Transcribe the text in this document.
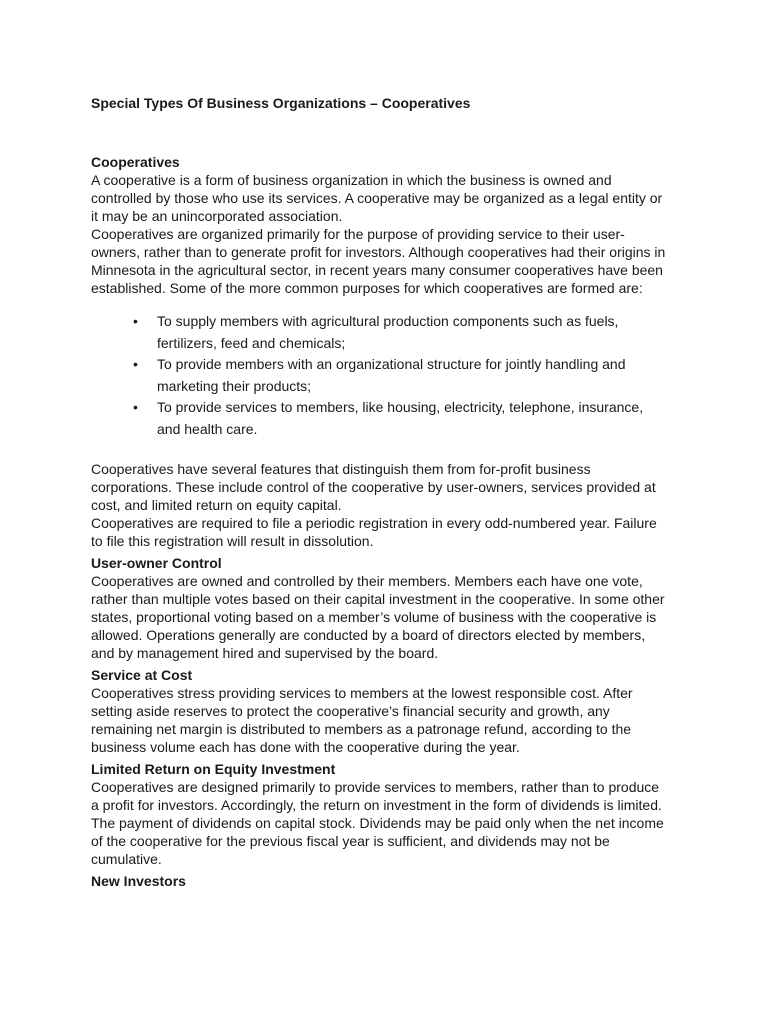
Special Types Of Business Organizations – Cooperatives

Cooperatives

A cooperative is a form of business organization in which the business is owned and controlled by those who use its services. A cooperative may be organized as a legal entity or it may be an unincorporated association.

Cooperatives are organized primarily for the purpose of providing service to their user-owners, rather than to generate profit for investors. Although cooperatives had their origins in Minnesota in the agricultural sector, in recent years many consumer cooperatives have been established. Some of the more common purposes for which cooperatives are formed are:

• To supply members with agricultural production components such as fuels, fertilizers, feed and chemicals;
• To provide members with an organizational structure for jointly handling and marketing their products;
• To provide services to members, like housing, electricity, telephone, insurance, and health care.

Cooperatives have several features that distinguish them from for-profit business corporations. These include control of the cooperative by user-owners, services provided at cost, and limited return on equity capital.

Cooperatives are required to file a periodic registration in every odd-numbered year. Failure to file this registration will result in dissolution.

User-owner Control

Cooperatives are owned and controlled by their members. Members each have one vote, rather than multiple votes based on their capital investment in the cooperative. In some other states, proportional voting based on a member’s volume of business with the cooperative is allowed. Operations generally are conducted by a board of directors elected by members, and by management hired and supervised by the board.

Service at Cost

Cooperatives stress providing services to members at the lowest responsible cost. After setting aside reserves to protect the cooperative’s financial security and growth, any remaining net margin is distributed to members as a patronage refund, according to the business volume each has done with the cooperative during the year.

Limited Return on Equity Investment

Cooperatives are designed primarily to provide services to members, rather than to produce a profit for investors. Accordingly, the return on investment in the form of dividends is limited.

The payment of dividends on capital stock. Dividends may be paid only when the net income of the cooperative for the previous fiscal year is sufficient, and dividends may not be cumulative.

New Investors
